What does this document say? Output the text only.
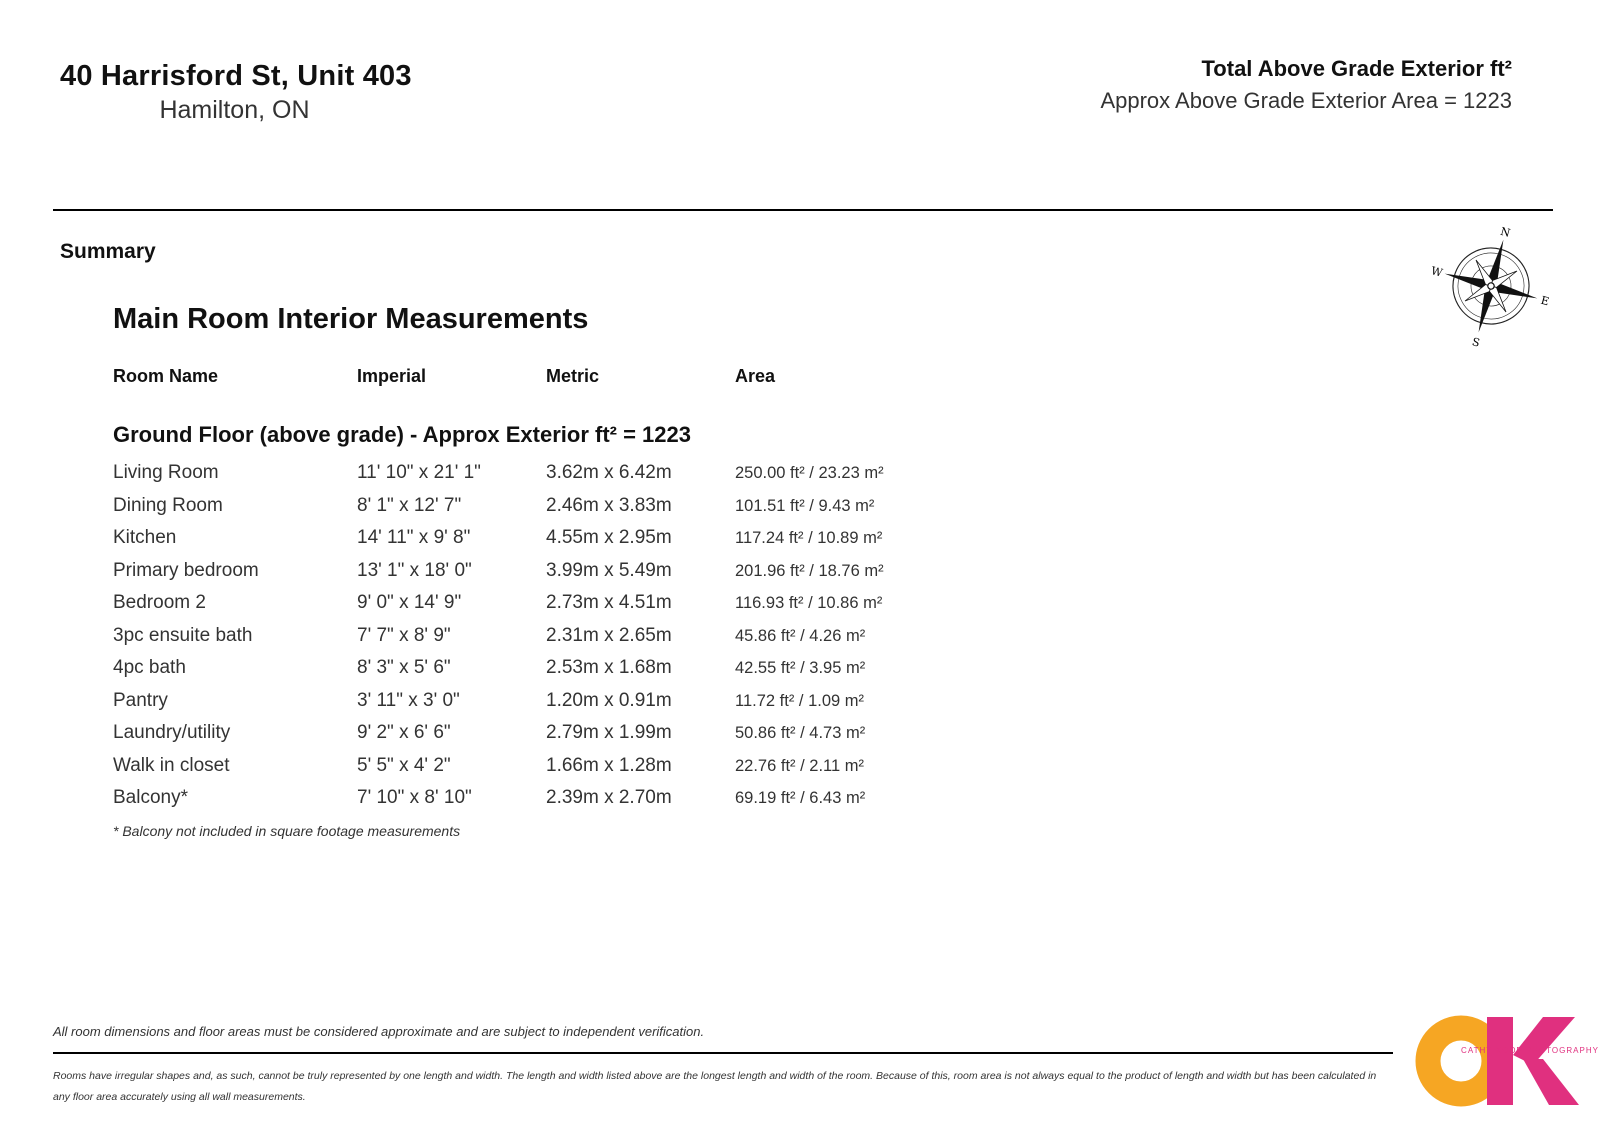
40 Harrisford St, Unit 403
Hamilton, ON
Total Above Grade Exterior ft²
Approx Above Grade Exterior Area = 1223
Summary
N
S
E
W
Main Room Interior Measurements
Room Name	Imperial	Metric	Area
Ground Floor (above grade) - Approx Exterior ft² = 1223
Living Room	11' 10" x 21' 1"	3.62m x 6.42m	250.00 ft² / 23.23 m²
Dining Room	8' 1" x 12' 7"	2.46m x 3.83m	101.51 ft² / 9.43 m²
Kitchen	14' 11" x 9' 8"	4.55m x 2.95m	117.24 ft² / 10.89 m²
Primary bedroom	13' 1" x 18' 0"	3.99m x 5.49m	201.96 ft² / 18.76 m²
Bedroom 2	9' 0" x 14' 9"	2.73m x 4.51m	116.93 ft² / 10.86 m²
3pc ensuite bath	7' 7" x 8' 9"	2.31m x 2.65m	45.86 ft² / 4.26 m²
4pc bath	8' 3" x 5' 6"	2.53m x 1.68m	42.55 ft² / 3.95 m²
Pantry	3' 11" x 3' 0"	1.20m x 0.91m	11.72 ft² / 1.09 m²
Laundry/utility	9' 2" x 6' 6"	2.79m x 1.99m	50.86 ft² / 4.73 m²
Walk in closet	5' 5" x 4' 2"	1.66m x 1.28m	22.76 ft² / 2.11 m²
Balcony*	7' 10" x 8' 10"	2.39m x 2.70m	69.19 ft² / 6.43 m²
* Balcony not included in square footage measurements
All room dimensions and floor areas must be considered approximate and are subject to independent verification.
Rooms have irregular shapes and, as such, cannot be truly represented by one length and width. The length and width listed above are the longest length and width of the room. Because of this, room area is not always equal to the product of length and width but has been calculated in any floor area accurately using all wall measurements.
CATHY KOOP PHOTOGRAPHY
